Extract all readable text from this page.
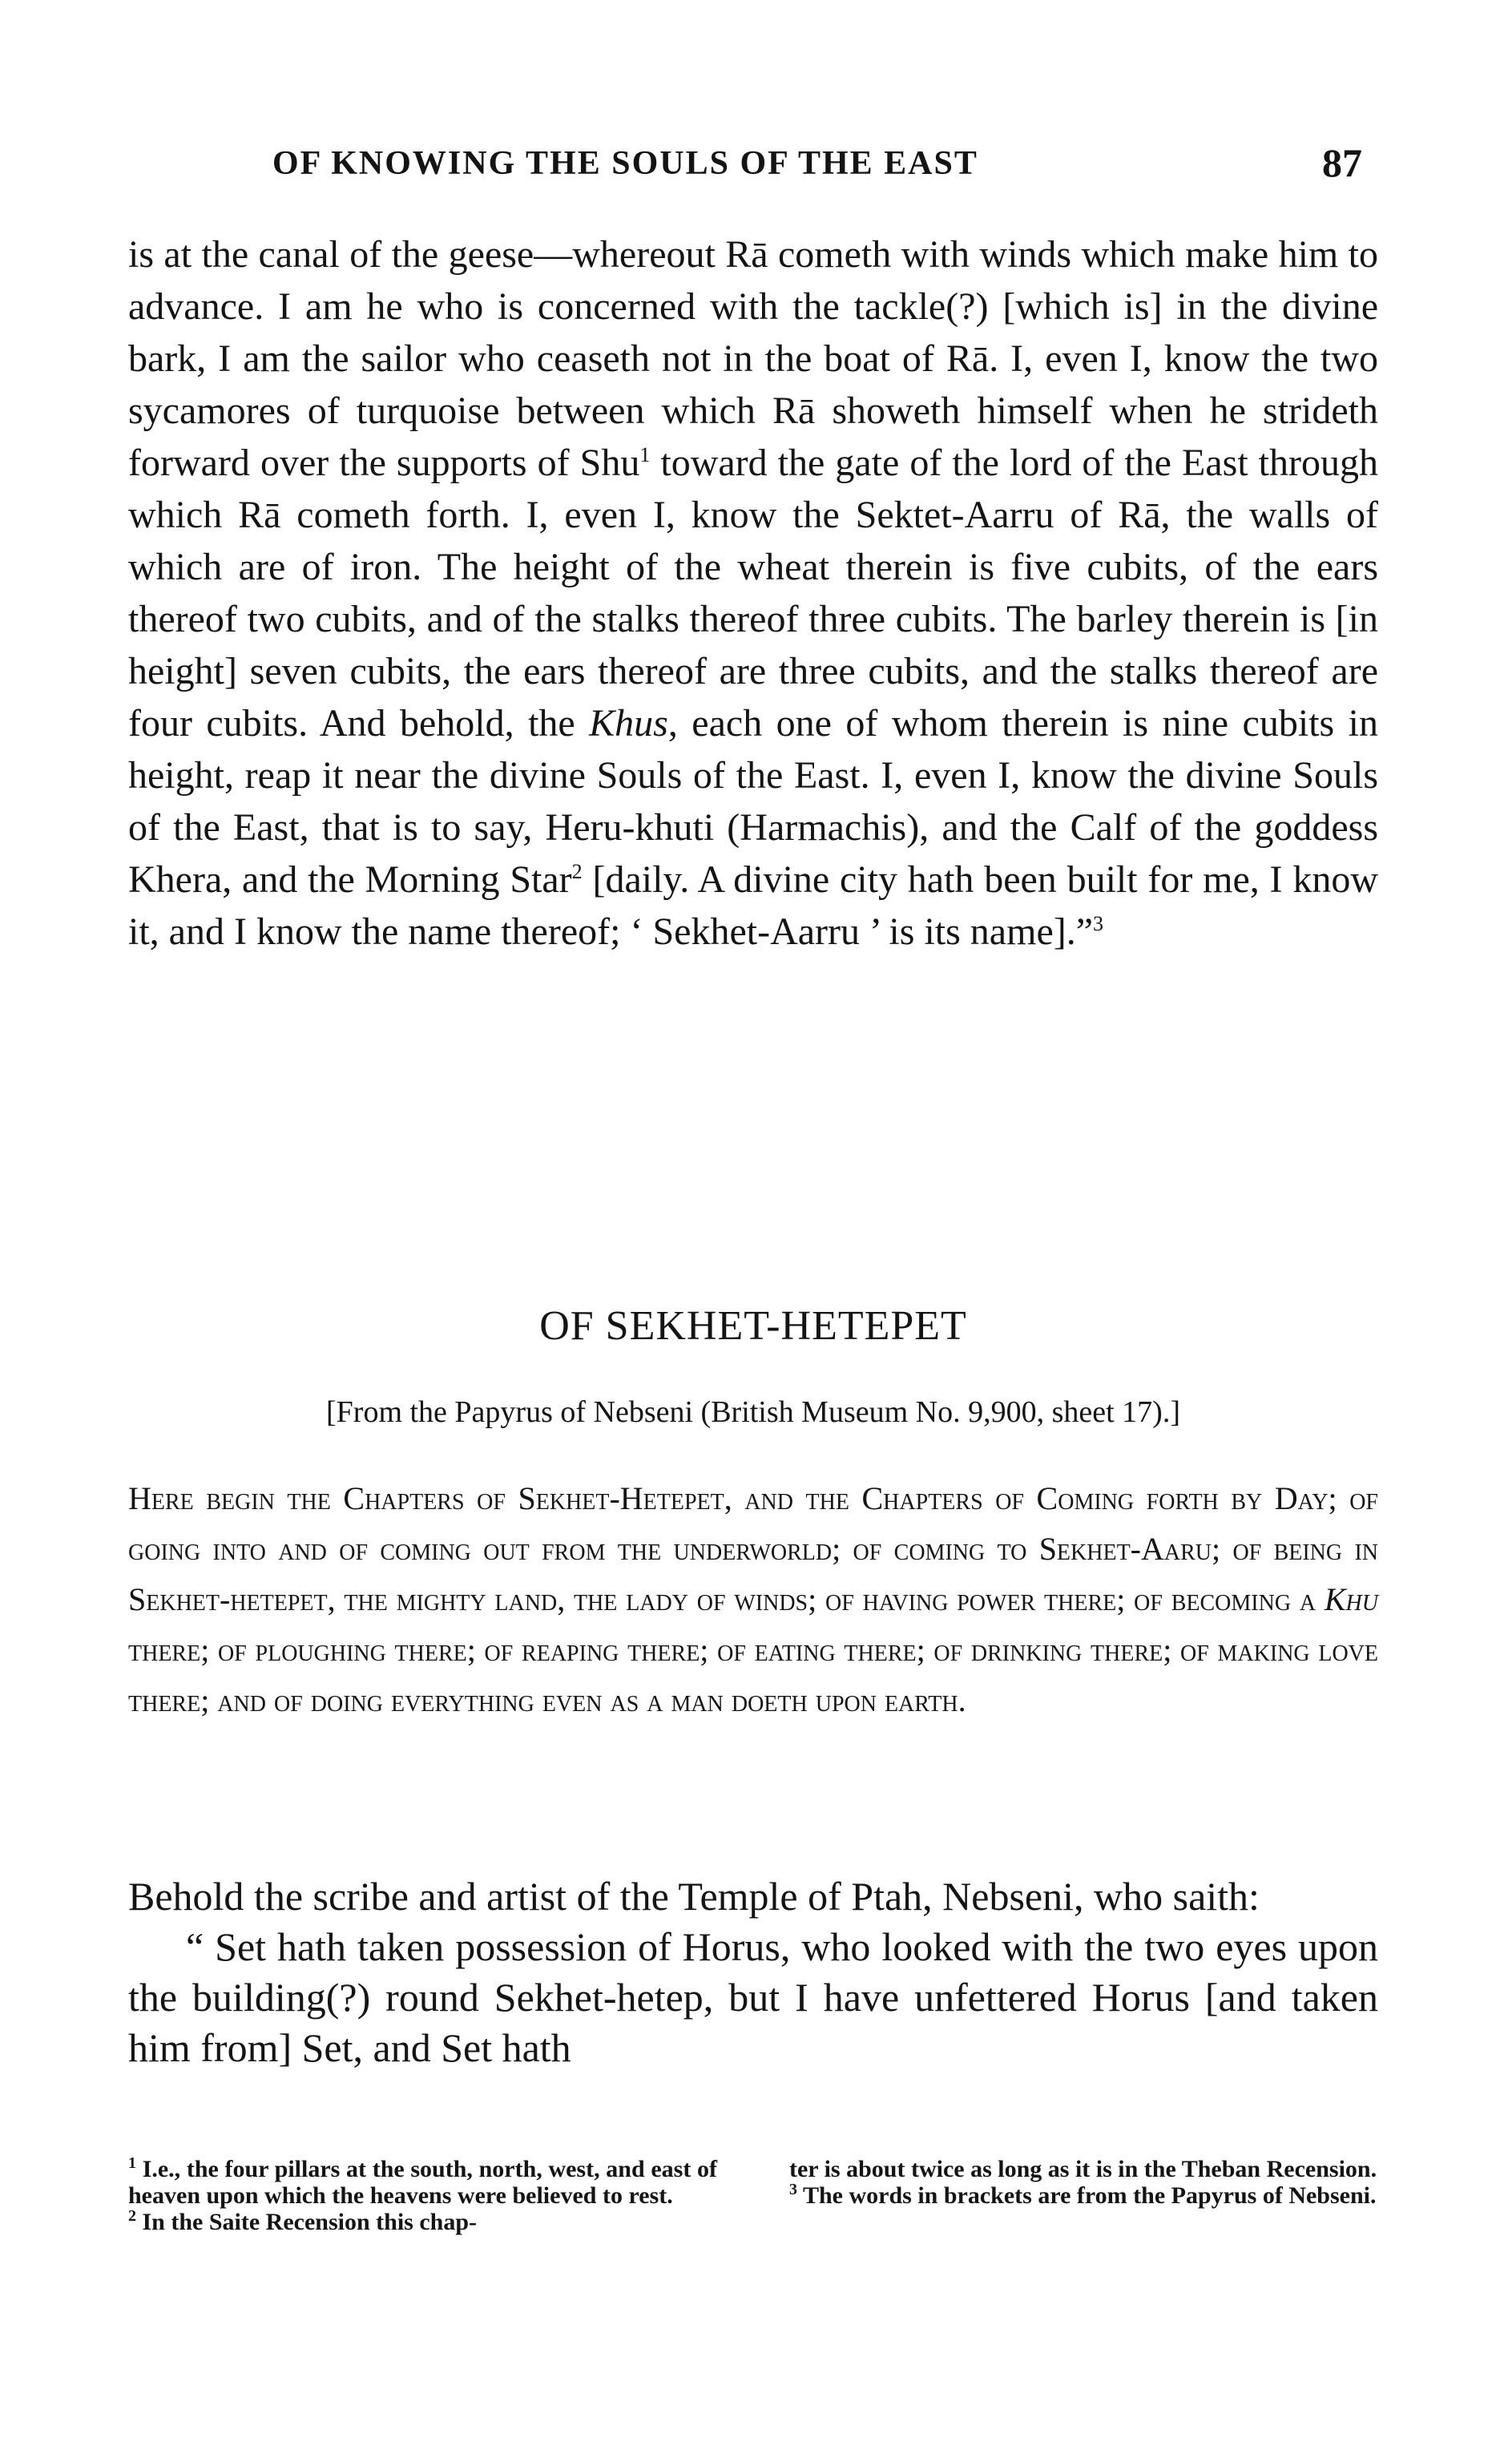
OF KNOWING THE SOULS OF THE EAST	87

is at the canal of the geese—whereout Rā cometh with winds which make him to advance. I am he who is concerned with the tackle(?) [which is] in the divine bark, I am the sailor who ceaseth not in the boat of Rā. I, even I, know the two sycamores of turquoise between which Rā showeth himself when he strideth forward over the supports of Shu$^1$ toward the gate of the lord of the East through which Rā cometh forth. I, even I, know the Sektet-Aarru of Rā, the walls of which are of iron. The height of the wheat therein is five cubits, of the ears thereof two cubits, and of the stalks thereof three cubits. The barley therein is [in height] seven cubits, the ears thereof are three cubits, and the stalks thereof are four cubits. And behold, the Khus, each one of whom therein is nine cubits in height, reap it near the divine Souls of the East. I, even I, know the divine Souls of the East, that is to say, Heru-khuti (Harmachis), and the Calf of the goddess Khera, and the Morning Star$^2$ [daily. A divine city hath been built for me, I know it, and I know the name thereof; ‘ Sekhet-Aarru ’ is its name].”$^3$

OF SEKHET-HETEPET
[From the Papyrus of Nebseni (British Museum No. 9,900, sheet 17).]
Here begin the Chapters of Sekhet-Hetepet, and the Chapters of Coming forth by Day; of going into and of coming out from the underworld; of coming to Sekhet-Aaru; of being in Sekhet-hetepet, the mighty land, the lady of winds; of having power there; of becoming a Khu there; of ploughing there; of reaping there; of eating there; of drinking there; of making love there; and of doing everything even as a man doeth upon earth.

Behold the scribe and artist of the Temple of Ptah, Nebseni, who saith:

“ Set hath taken possession of Horus, who looked with the two eyes upon the building(?) round Sekhet-hetep, but I have unfettered Horus [and taken him from] Set, and Set hath

$^1$ I.e., the four pillars at the south, north, west, and east of heaven upon which the heavens were believed to rest.

$^2$ In the Saite Recension this chap-

ter is about twice as long as it is in the Theban Recension.

$^3$ The words in brackets are from the Papyrus of Nebseni.
